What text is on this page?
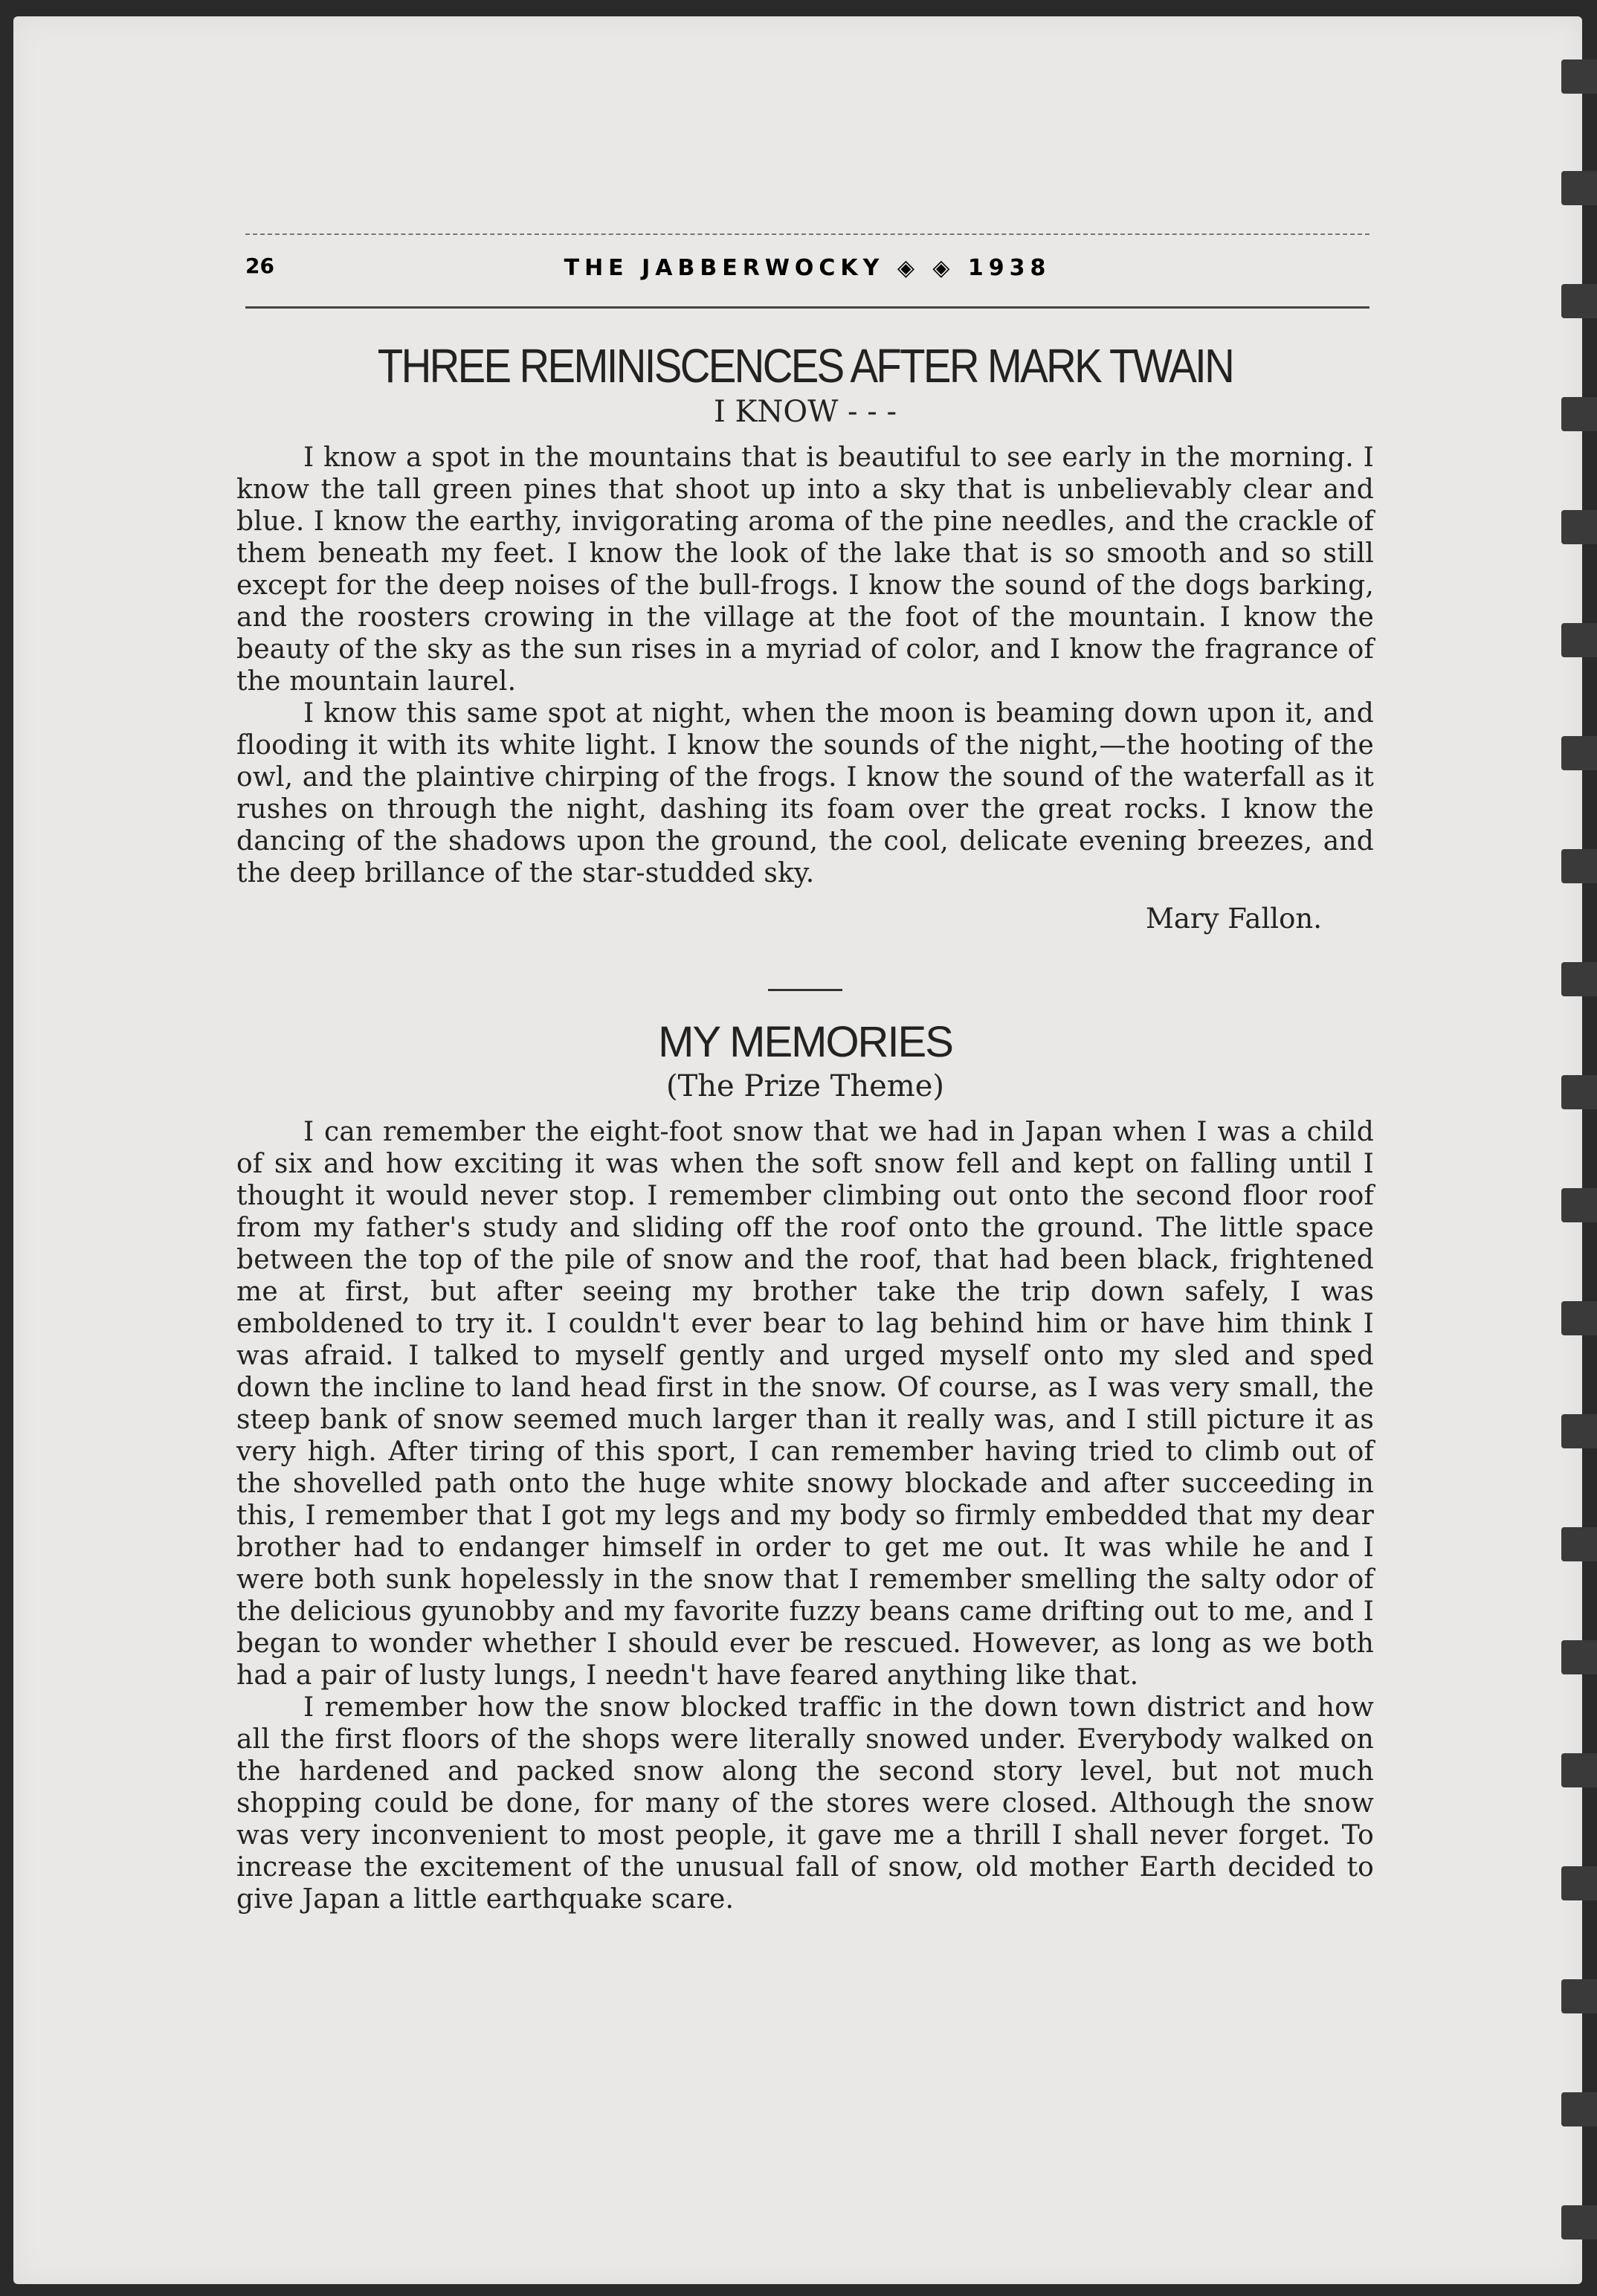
26	THE JABBERWOCKY ◈ ◈ 1938
THREE REMINISCENCES AFTER MARK TWAIN
I KNOW - - -

I know a spot in the mountains that is beautiful to see early in the morning. I know the tall green pines that shoot up into a sky that is unbelievably clear and blue. I know the earthy, invigorating aroma of the pine needles, and the crackle of them beneath my feet. I know the look of the lake that is so smooth and so still except for the deep noises of the bull-frogs. I know the sound of the dogs barking, and the roosters crowing in the village at the foot of the mountain. I know the beauty of the sky as the sun rises in a myriad of color, and I know the fragrance of the mountain laurel.

I know this same spot at night, when the moon is beaming down upon it, and flooding it with its white light. I know the sounds of the night,—the hooting of the owl, and the plaintive chirping of the frogs. I know the sound of the waterfall as it rushes on through the night, dashing its foam over the great rocks. I know the dancing of the shadows upon the ground, the cool, delicate evening breezes, and the deep brillance of the star-studded sky.

Mary Fallon.
MY MEMORIES
(The Prize Theme)

I can remember the eight-foot snow that we had in Japan when I was a child of six and how exciting it was when the soft snow fell and kept on falling until I thought it would never stop. I remember climbing out onto the second floor roof from my father's study and sliding off the roof onto the ground. The little space between the top of the pile of snow and the roof, that had been black, frightened me at first, but after seeing my brother take the trip down safely, I was emboldened to try it. I couldn't ever bear to lag behind him or have him think I was afraid. I talked to myself gently and urged myself onto my sled and sped down the incline to land head first in the snow. Of course, as I was very small, the steep bank of snow seemed much larger than it really was, and I still picture it as very high. After tiring of this sport, I can remember having tried to climb out of the shovelled path onto the huge white snowy blockade and after succeeding in this, I remember that I got my legs and my body so firmly embedded that my dear brother had to endanger himself in order to get me out. It was while he and I were both sunk hopelessly in the snow that I remember smelling the salty odor of the delicious gyunobby and my favorite fuzzy beans came drifting out to me, and I began to wonder whether I should ever be rescued. However, as long as we both had a pair of lusty lungs, I needn't have feared anything like that.

I remember how the snow blocked traffic in the down town district and how all the first floors of the shops were literally snowed under. Everybody walked on the hardened and packed snow along the second story level, but not much shopping could be done, for many of the stores were closed. Although the snow was very inconvenient to most people, it gave me a thrill I shall never forget. To increase the excitement of the unusual fall of snow, old mother Earth decided to give Japan a little earthquake scare.
